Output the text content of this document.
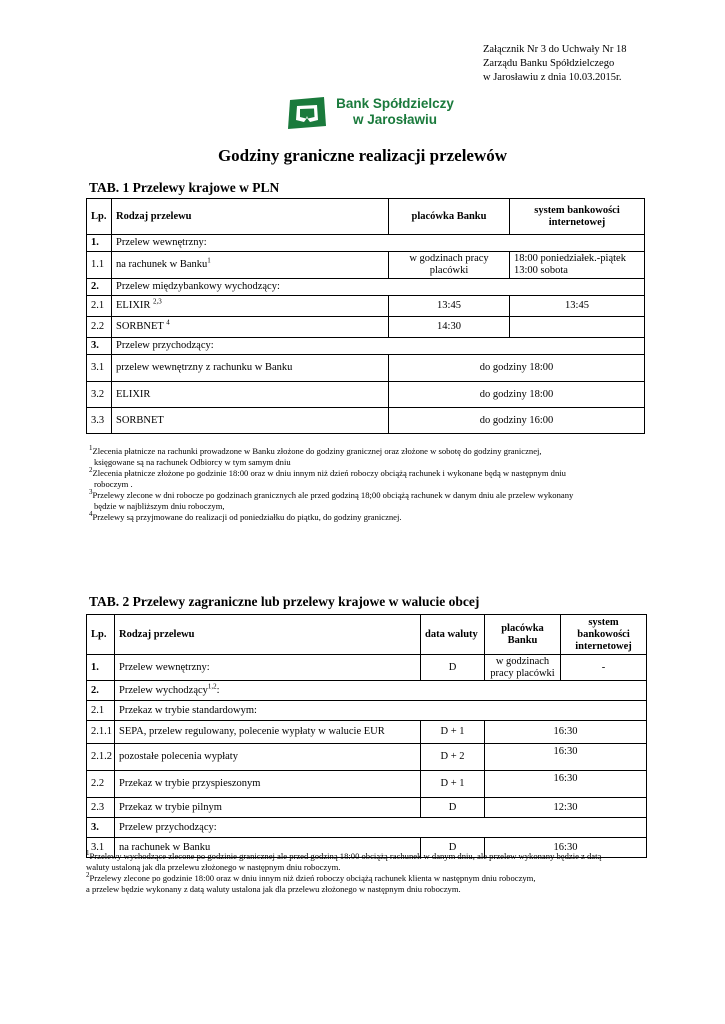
Załącznik Nr 3 do Uchwały Nr 18
Zarządu Banku Spółdzielczego
w Jarosławiu z dnia 10.03.2015r.
Bank Spółdzielczy
w Jarosławiu
Godziny graniczne realizacji przelewów
TAB. 1 Przelewy krajowe w PLN
Lp.	Rodzaj przelewu	placówka Banku	system bankowości internetowej
1.	Przelew wewnętrzny:		
1.1	na rachunek w Banku$^1$	w godzinach pracy placówki	18:00 poniedziałek.-piątek
13:00 sobota

2.	Przelew międzybankowy wychodzący:		
2.1	ELIXIR $^{2,3}$	13:45	13:45
2.2	SORBNET $^4$	14:30	
3.	Przelew przychodzący:		
3.1	przelew wewnętrzny z rachunku w Banku	do godziny 18:00	
3.2	ELIXIR	do godziny 18:00	
3.3	SORBNET	do godziny 16:00	
$^1$Zlecenia płatnicze na rachunki prowadzone w Banku złożone do godziny granicznej oraz złożone w sobotę do godziny granicznej,
księgowane są na rachunek Odbiorcy w tym samym dniu
$^2$Zlecenia płatnicze złożone po godzinie 18:00 oraz w dniu innym niż dzień roboczy obciążą rachunek i wykonane będą w następnym dniu
roboczym .
$^3$Przelewy zlecone w dni robocze po godzinach granicznych ale przed godziną 18;00 obciążą rachunek w danym dniu ale przelew wykonany
będzie w najbliższym dniu roboczym,
$^4$Przelewy są przyjmowane do realizacji od poniedziałku do piątku, do godziny granicznej.
TAB. 2 Przelewy zagraniczne lub przelewy krajowe w walucie obcej
Lp.	Rodzaj przelewu	data waluty	placówka Banku	system bankowości internetowej
1.	Przelew wewnętrzny:	D	w godzinach pracy placówki	-
2.	Przelew wychodzący$^{1,2}$:			
2.1	Przekaz w trybie standardowym:			
2.1.1	SEPA, przelew regulowany, polecenie wypłaty w walucie EUR	D + 1	16:30	
2.1.2	pozostałe polecenia wypłaty	D + 2	16:30	
2.2	Przekaz w trybie przyspieszonym	D + 1	16:30	
2.3	Przekaz w trybie pilnym	D	12:30	
3.	Przelew przychodzący:			
3.1	na rachunek w Banku	D	16:30	
$^1$Przelewy wychodzące zlecone po godzinie granicznej ale przed godziną 18:00 obciążą rachunek w danym dniu, ale przelew wykonany będzie z datą
waluty ustaloną jak dla przelewu złożonego w następnym dniu roboczym.
$^2$Przelewy zlecone po godzinie 18:00 oraz w dniu innym niż dzień roboczy obciążą rachunek klienta w następnym dniu roboczym,
a przelew będzie wykonany z datą waluty ustalona jak dla przelewu złożonego w następnym dniu roboczym.
